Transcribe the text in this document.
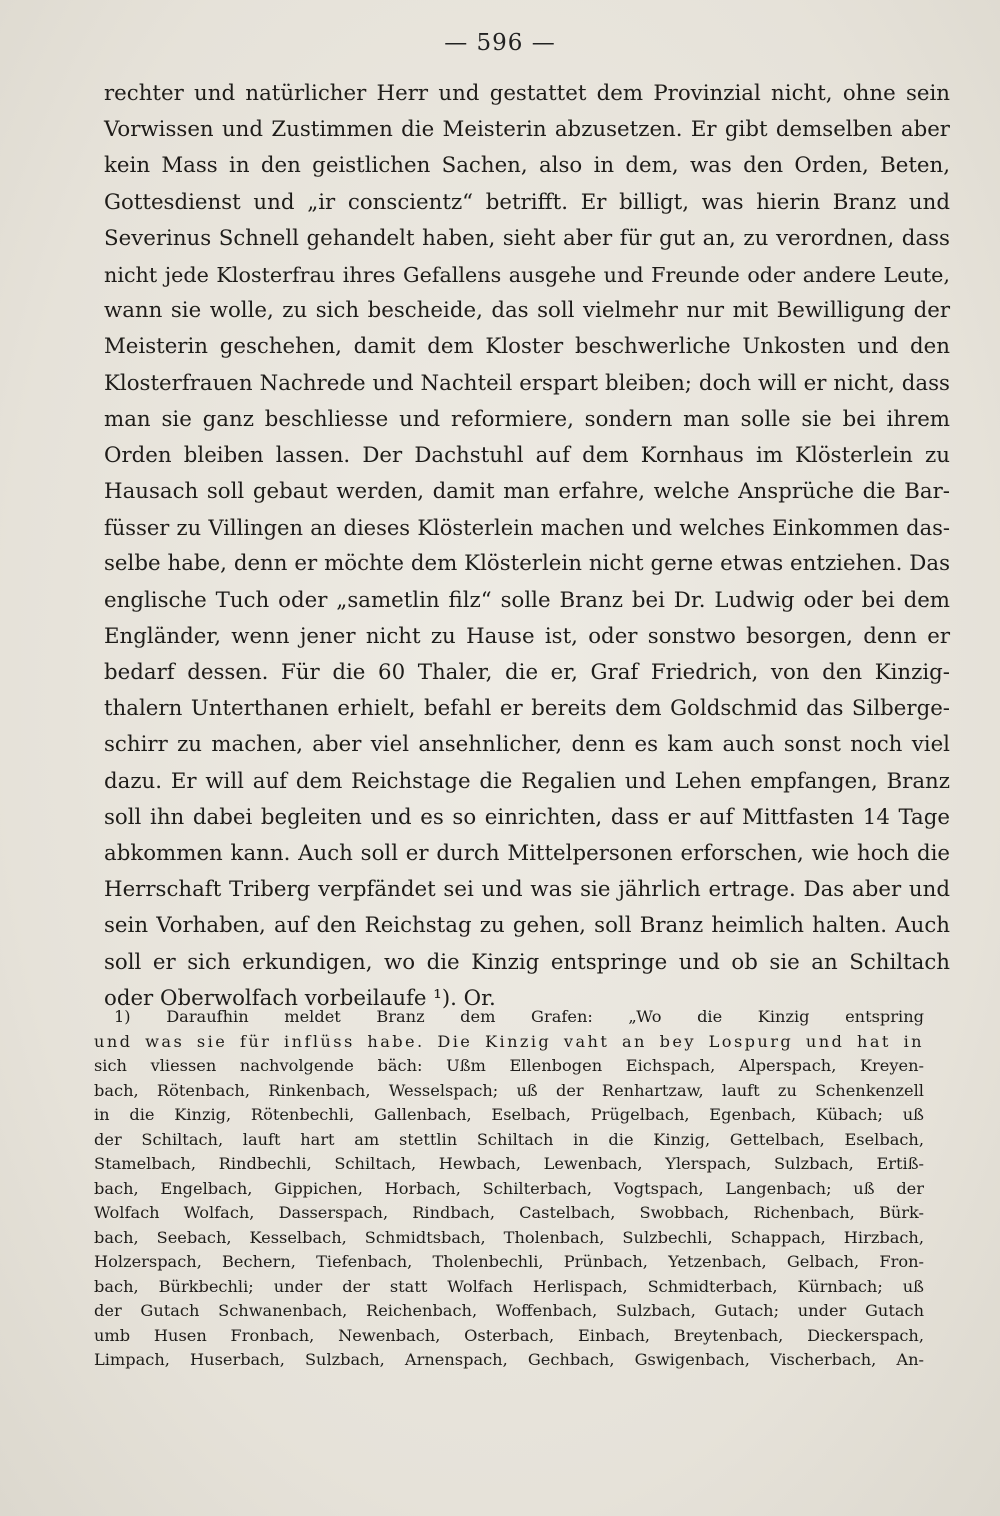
— 596 —
rechter und natürlicher Herr und gestattet dem Provinzial nicht, ohne sein
Vorwissen und Zustimmen die Meisterin abzusetzen. Er gibt demselben aber
kein Mass in den geistlichen Sachen, also in dem, was den Orden, Beten,
Gottesdienst und „ir conscientz“ betrifft. Er billigt, was hierin Branz und
Severinus Schnell gehandelt haben, sieht aber für gut an, zu verordnen, dass
nicht jede Klosterfrau ihres Gefallens ausgehe und Freunde oder andere Leute,
wann sie wolle, zu sich bescheide, das soll vielmehr nur mit Bewilligung der
Meisterin geschehen, damit dem Kloster beschwerliche Unkosten und den
Klosterfrauen Nachrede und Nachteil erspart bleiben; doch will er nicht, dass
man sie ganz beschliesse und reformiere, sondern man solle sie bei ihrem
Orden bleiben lassen. Der Dachstuhl auf dem Kornhaus im Klösterlein zu
Hausach soll gebaut werden, damit man erfahre, welche Ansprüche die Bar-
füsser zu Villingen an dieses Klösterlein machen und welches Einkommen das-
selbe habe, denn er möchte dem Klösterlein nicht gerne etwas entziehen. Das
englische Tuch oder „sametlin filz“ solle Branz bei Dr. Ludwig oder bei dem
Engländer, wenn jener nicht zu Hause ist, oder sonstwo besorgen, denn er
bedarf dessen. Für die 60 Thaler, die er, Graf Friedrich, von den Kinzig-
thalern Unterthanen erhielt, befahl er bereits dem Goldschmid das Silberge-
schirr zu machen, aber viel ansehnlicher, denn es kam auch sonst noch viel
dazu. Er will auf dem Reichstage die Regalien und Lehen empfangen, Branz
soll ihn dabei begleiten und es so einrichten, dass er auf Mittfasten 14 Tage
abkommen kann. Auch soll er durch Mittelpersonen erforschen, wie hoch die
Herrschaft Triberg verpfändet sei und was sie jährlich ertrage. Das aber und
sein Vorhaben, auf den Reichstag zu gehen, soll Branz heimlich halten. Auch
soll er sich erkundigen, wo die Kinzig entspringe und ob sie an Schiltach
oder Oberwolfach vorbeilaufe ¹). Or.
1) Daraufhin meldet Branz dem Grafen: „Wo die Kinzig entspring
und was sie für inflüss habe. Die Kinzig vaht an bey Lospurg und hat in
sich vliessen nachvolgende bäch: Ußm Ellenbogen Eichspach, Alperspach, Kreyen-
bach, Rötenbach, Rinkenbach, Wesselspach; uß der Renhartzaw, lauft zu Schenkenzell
in die Kinzig, Rötenbechli, Gallenbach, Eselbach, Prügelbach, Egenbach, Kübach; uß
der Schiltach, lauft hart am stettlin Schiltach in die Kinzig, Gettelbach, Eselbach,
Stamelbach, Rindbechli, Schiltach, Hewbach, Lewenbach, Ylerspach, Sulzbach, Ertiß-
bach, Engelbach, Gippichen, Horbach, Schilterbach, Vogtspach, Langenbach; uß der
Wolfach Wolfach, Dasserspach, Rindbach, Castelbach, Swobbach, Richenbach, Bürk-
bach, Seebach, Kesselbach, Schmidtsbach, Tholenbach, Sulzbechli, Schappach, Hirzbach,
Holzerspach, Bechern, Tiefenbach, Tholenbechli, Prünbach, Yetzenbach, Gelbach, Fron-
bach, Bürkbechli; under der statt Wolfach Herlispach, Schmidterbach, Kürnbach; uß
der Gutach Schwanenbach, Reichenbach, Woffenbach, Sulzbach, Gutach; under Gutach
umb Husen Fronbach, Newenbach, Osterbach, Einbach, Breytenbach, Dieckerspach,
Limpach, Huserbach, Sulzbach, Arnenspach, Gechbach, Gswigenbach, Vischerbach, An-
